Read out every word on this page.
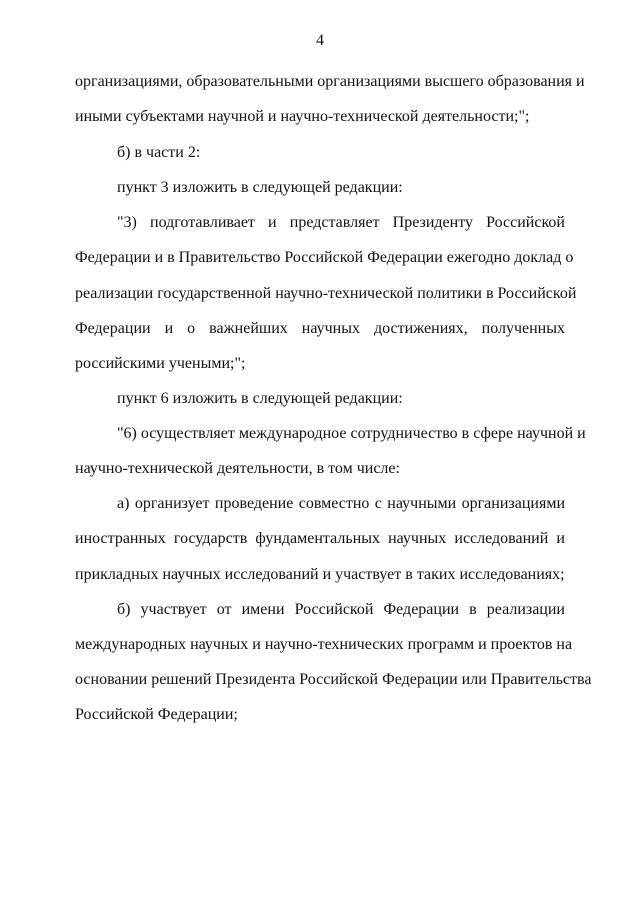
4
организациями, образовательными организациями высшего образования и
иными субъектами научной и научно-технической деятельности;";
б) в части 2:
пункт 3 изложить в следующей редакции:
"3) подготавливает и представляет Президенту Российской
Федерации и в Правительство Российской Федерации ежегодно доклад о
реализации государственной научно-технической политики в Российской
Федерации и о важнейших научных достижениях, полученных
российскими учеными;";
пункт 6 изложить в следующей редакции:
"6) осуществляет международное сотрудничество в сфере научной и
научно-технической деятельности, в том числе:
а) организует проведение совместно с научными организациями
иностранных государств фундаментальных научных исследований и
прикладных научных исследований и участвует в таких исследованиях;
б) участвует от имени Российской Федерации в реализации
международных научных и научно-технических программ и проектов на
основании решений Президента Российской Федерации или Правительства
Российской Федерации;
